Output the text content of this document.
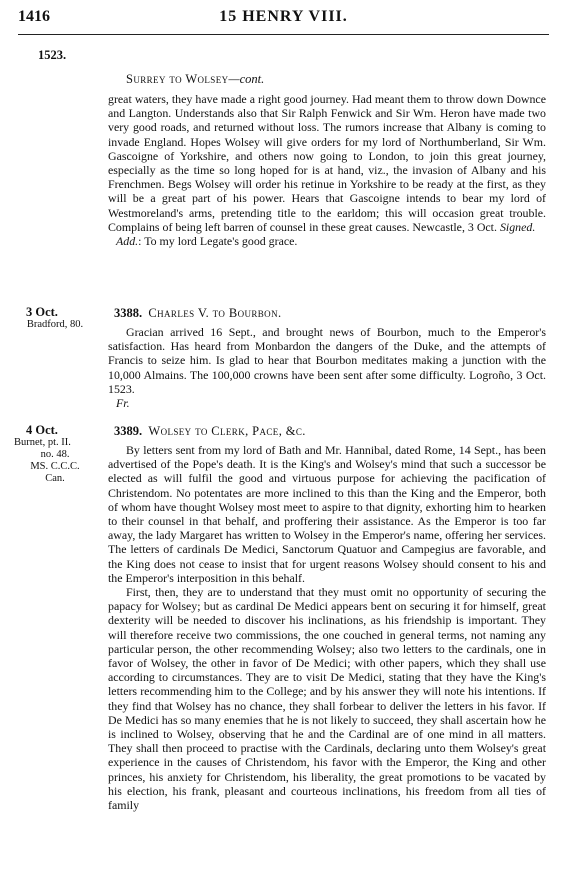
1416	15 HENRY VIII.
1523.
Surrey to Wolsey—cont.

great waters, they have made a right good journey. Had meant them to throw down Downce and Langton. Understands also that Sir Ralph Fenwick and Sir Wm. Heron have made two very good roads, and returned without loss. The rumors increase that Albany is coming to invade England. Hopes Wolsey will give orders for my lord of Northumberland, Sir Wm. Gascoigne of Yorkshire, and others now going to London, to join this great journey, especially as the time so long hoped for is at hand, viz., the invasion of Albany and his Frenchmen. Begs Wolsey will order his retinue in Yorkshire to be ready at the first, as they will be a great part of his power. Hears that Gascoigne intends to bear my lord of Westmoreland's arms, pretending title to the earldom; this will occasion great trouble. Complains of being left barren of counsel in these great causes. Newcastle, 3 Oct. Signed.

Add.: To my lord Legate's good grace.
3 Oct.
Bradford, 80.
3388. Charles V. to Bourbon.

Gracian arrived 16 Sept., and brought news of Bourbon, much to the Emperor's satisfaction. Has heard from Monbardon the dangers of the Duke, and the attempts of Francis to seize him. Is glad to hear that Bourbon meditates making a junction with the 10,000 Almains. The 100,000 crowns have been sent after some difficulty. Logroño, 3 Oct. 1523.

Fr.
4 Oct.
Burnet, pt. II.
no. 48.
MS. C.C.C.
Can.
3389. Wolsey to Clerk, Pace, &c.

By letters sent from my lord of Bath and Mr. Hannibal, dated Rome, 14 Sept., has been advertised of the Pope's death. It is the King's and Wolsey's mind that such a successor be elected as will fulfil the good and virtuous purpose for achieving the pacification of Christendom. No potentates are more inclined to this than the King and the Emperor, both of whom have thought Wolsey most meet to aspire to that dignity, exhorting him to hearken to their counsel in that behalf, and proffering their assistance. As the Emperor is too far away, the lady Margaret has written to Wolsey in the Emperor's name, offering her services. The letters of cardinals De Medici, Sanctorum Quatuor and Campegius are favorable, and the King does not cease to insist that for urgent reasons Wolsey should consent to his and the Emperor's interposition in this behalf.

First, then, they are to understand that they must omit no opportunity of securing the papacy for Wolsey; but as cardinal De Medici appears bent on securing it for himself, great dexterity will be needed to discover his inclinations, as his friendship is important. They will therefore receive two commissions, the one couched in general terms, not naming any particular person, the other recommending Wolsey; also two letters to the cardinals, one in favor of Wolsey, the other in favor of De Medici; with other papers, which they shall use according to circumstances. They are to visit De Medici, stating that they have the King's letters recommending him to the College; and by his answer they will note his intentions. If they find that Wolsey has no chance, they shall forbear to deliver the letters in his favor. If De Medici has so many enemies that he is not likely to succeed, they shall ascertain how he is inclined to Wolsey, observing that he and the Cardinal are of one mind in all matters. They shall then proceed to practise with the Cardinals, declaring unto them Wolsey's great experience in the causes of Christendom, his favor with the Emperor, the King and other princes, his anxiety for Christendom, his liberality, the great promotions to be vacated by his election, his frank, pleasant and courteous inclinations, his freedom from all ties of family
